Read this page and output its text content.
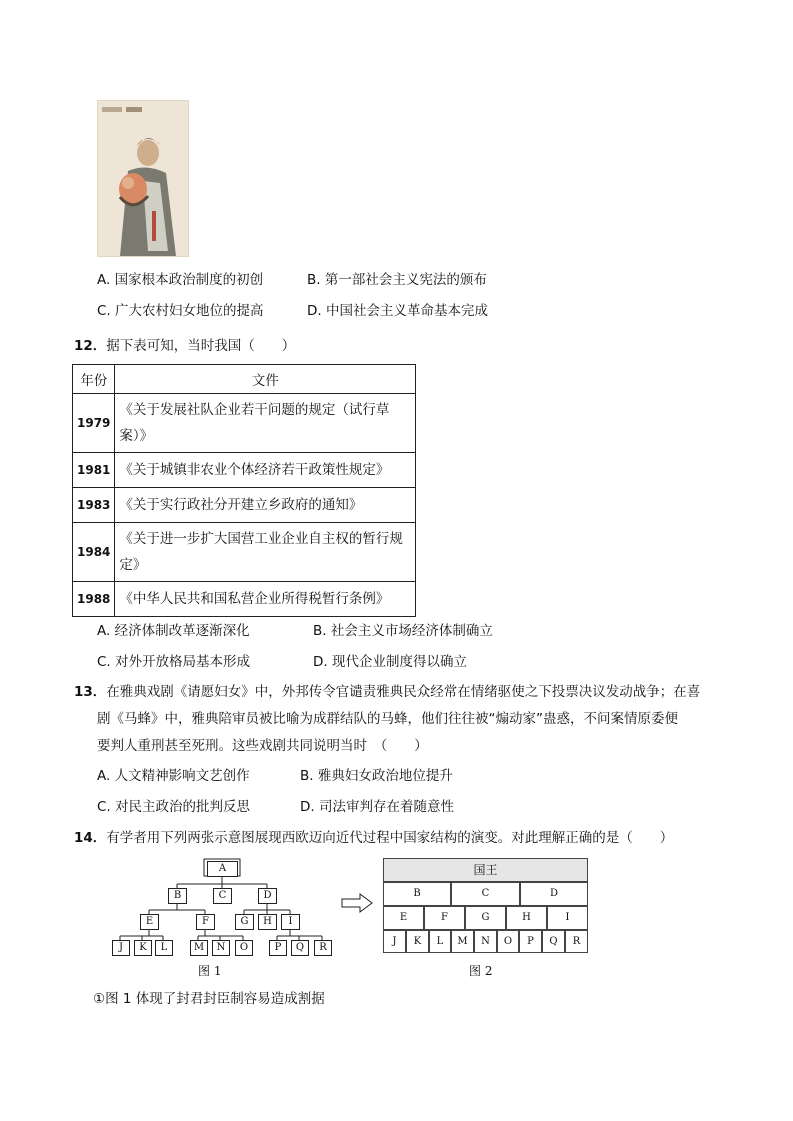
A. 国家根本政治制度的初创	B. 第一部社会主义宪法的颁布
C. 广大农村妇女地位的提高	D. 中国社会主义革命基本完成
12．据下表可知，当时我国（　　）
年份	文件
1979	《关于发展社队企业若干问题的规定（试行草案）》
1981	《关于城镇非农业个体经济若干政策性规定》
1983	《关于实行政社分开建立乡政府的通知》
1984	《关于进一步扩大国营工业企业自主权的暂行规定》
1988	《中华人民共和国私营企业所得税暂行条例》
A. 经济体制改革逐渐深化	B. 社会主义市场经济体制确立
C. 对外开放格局基本形成	D. 现代企业制度得以确立
13．在雅典戏剧《请愿妇女》中，外邦传令官谴责雅典民众经常在情绪驱使之下投票决议发动战争；在喜
剧《马蜂》中，雅典陪审员被比喻为成群结队的马蜂，他们往往被“煽动家”蛊惑，不问案情原委便
要判人重刑甚至死刑。这些戏剧共同说明当时　（　　）
A. 人文精神影响文艺创作	B. 雅典妇女政治地位提升
C. 对民主政治的批判反思	D. 司法审判存在着随意性
14．有学者用下列两张示意图展现西欧迈向近代过程中国家结构的演变。对此理解正确的是（　　）
A
B	C	D
E	F	G	H	I
J	K	L	M	N	O	P	Q	R
图 1
国王
B	C	D
E	F	G	H	I
J	K	L	M	N	O	P	Q	R
图 2
①图 1 体现了封君封臣制容易造成割据
